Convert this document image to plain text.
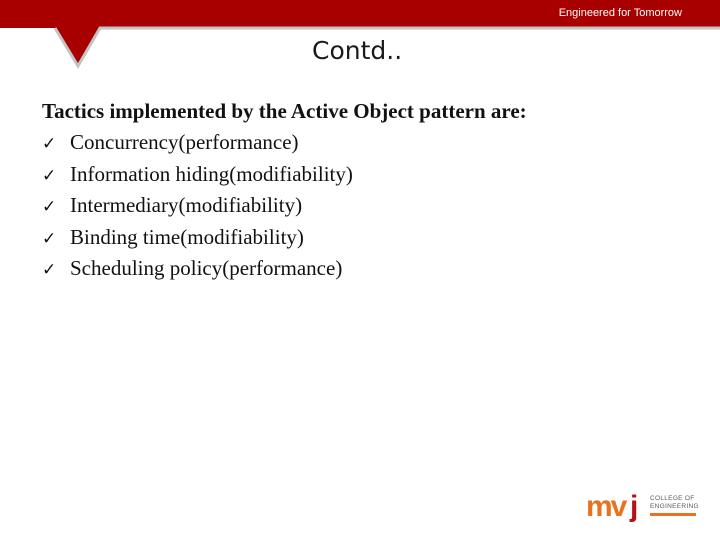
Engineered for Tomorrow
Contd..

Tactics implemented by the Active Object pattern are:

✓ Concurrency(performance)
✓ Information hiding(modifiability)
✓ Intermediary(modifiability)
✓ Binding time(modifiability)
✓ Scheduling policy(performance)
mv j COLLEGE OF
ENGINEERING
